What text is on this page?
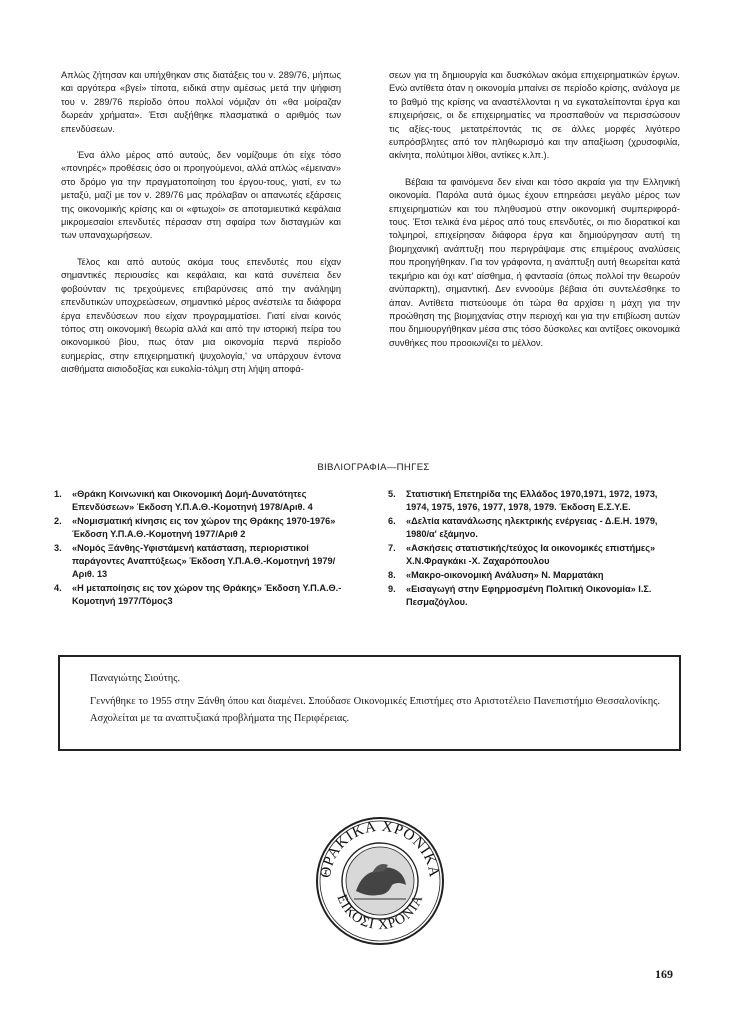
Απλώς ζήτησαν και υπήχθηκαν στις διατάξεις του ν. 289/76, μήπως και αργότερα «βγεί» τίποτα, ειδικά στην αμέσως μετά την ψήφιση του ν. 289/76 περίοδο όπου πολλοί νόμιζαν ότι «θα μοίραζαν δωρεάν χρήματα». Έτσι αυξήθηκε πλασματικά ο αριθμός των επενδύσεων.

Ένα άλλο μέρος από αυτούς, δεν νομίζουμε ότι είχε τόσο «πονηρές» προθέσεις όσο οι προηγούμενοι, αλλά απλώς «έμειναν» στο δρόμο για την πραγματοποίηση του έργου-τους, γιατί, εν τω μεταξύ, μαζί με τον ν. 289/76 μας πρόλαβαν οι απανωτές εξάρσεις της οικονομικής κρίσης και οι «φτωχοί» σε αποταμιευτικά κεφάλαια μικρομεσαίοι επενδυτές πέρασαν στη σφαίρα των δισταγμών και των υπαναχωρήσεων.

Τέλος και από αυτούς ακόμα τους επενδυτές που είχαν σημαντικές περιουσίες και κεφάλαια, και κατά συνέπεια δεν φοβούνταν τις τρεχούμενες επιβαρύνσεις από την ανάληψη επενδυτικών υποχρεώσεων, σημαντικό μέρος ανέστειλε τα διάφορα έργα επενδύσεων που είχαν προγραμματίσει. Γιατί είναι κοινός τόπος στη οικονομική θεωρία αλλά και από την ιστορική πείρα του οικονομικού βίου, πως όταν μια οικονομία περνά περίοδο ευημερίας, στην επιχειρηματική ψυχολογία,' να υπάρχουν έντονα αισθήματα αισιοδοξίας και ευκολία-τόλμη στη λήψη αποφά-

σεων για τη δημιουργία και δυσκόλων ακόμα επιχειρηματικών έργων. Ενώ αντίθετα όταν η οικονομία μπαίνει σε περίοδο κρίσης, ανάλογα με το βαθμό της κρίσης να αναστέλλονται η να εγκαταλείπονται έργα και επιχειρήσεις, οι δε επιχειρηματίες να προσπαθούν να περισσώσουν τις αξίες-τους μετατρέποντάς τις σε άλλες μορφές λιγότερο ευπρόσβλητες από τον πληθωρισμό και την απαξίωση (χρυσοφιλία, ακίνητα, πολύτιμοι λίθοι, αντίκες κ.λπ.).

Βέβαια τα φαινόμενα δεν είναι και τόσο ακραία για την Ελληνική οικονομία. Παρόλα αυτά όμως έχουν επηρεάσει μεγάλο μέρος των επιχειρηματιών και του πληθυσμού στην οικονομική συμπεριφορά-τους. Έτσι τελικά ένα μέρος από τους επενδυτές, οι πιο διορατικοί και τολμηροί, επιχείρησαν διάφορα έργα και δημιούργησαν αυτή τη βιομηχανική ανάπτυξη που περιγράψαμε στις επιμέρους αναλύσεις που προηγήθηκαν. Για τον γράφοντα, η ανάπτυξη αυτή θεωρείται κατά τεκμήριο και όχι κατ' αίσθημα, ή φαντασία (όπως πολλοί την θεωρούν ανύπαρκτη), σημαντική. Δεν εννοούμε βέβαια ότι συντελέσθηκε το άπαν. Αντίθετα πιστεύουμε ότι τώρα θα αρχίσει η μάχη για την προώθηση της βιομηχανίας στην περιοχή και για την επιβίωση αυτών που δημιουργήθηκαν μέσα στις τόσο δύσκολες και αντίξοες οικονομικά συνθήκες που προοιωνίζει το μέλλον.

ΒΙΒΛΙΟΓΡΑΦΙΑ—ΠΗΓΕΣ
1. «Θράκη Κοινωνική και Οικονομική Δομή-Δυνατότητες Επενδύσεων» Έκδοση Υ.Π.Α.Θ.-Κομοτηνή 1978/Αριθ. 4
2. «Νομισματική κίνησις εις τον χώρον της Θράκης 1970-1976» Έκδοση Υ.Π.Α.Θ.-Κομοτηνή 1977/Αριθ 2
3. «Νομός Ξάνθης-Υφιστάμενή κατάσταση, περιοριστικοί παράγοντες Αναπτύξεως» Έκδοση Υ.Π.Α.Θ.-Κομοτηνή 1979/Αριθ. 13
4. «Η μεταποίησις εις τον χώρον της Θράκης» Έκδοση Υ.Π.Α.Θ.-Κομοτηνή 1977/Τόμος3
5. Στατιστική Επετηρίδα της Ελλάδος 1970,1971, 1972, 1973, 1974, 1975, 1976, 1977, 1978, 1979. Έκδοση Ε.Σ.Υ.Ε.
6. «Δελτία κατανάλωσης ηλεκτρικής ενέργειας - Δ.Ε.Η. 1979, 1980/α' εξάμηνο.
7. «Ασκήσεις στατιστικής/τεύχος Ια οικονομικές επιστήμες» Χ.Ν.Φραγκάκι -Χ. Ζαχαρόπουλου
8. «Μακρο-οικονομική Ανάλυση» Ν. Μαρματάκη
9. «Εισαγωγή στην Εφηρμοσμένη Πολιτική Οικονομία» Ι.Σ. Πεσμαζόγλου.
Παναγιώτης Σιούτης.
Γεννήθηκε το 1955 στην Ξάνθη όπου και διαμένει. Σπούδασε Οικονομικές Επιστήμες στο Αριστοτέλειο Πανεπιστήμιο Θεσσαλονίκης. Ασχολείται με τα αναπτυξιακά προβλήματα της Περιφέρειας.
ΘΡΑΚΙΚΑ ΧΡΟΝΙΚΑ
ΕΙΚΟΣΙ ΧΡΟΝΙΑ
169
